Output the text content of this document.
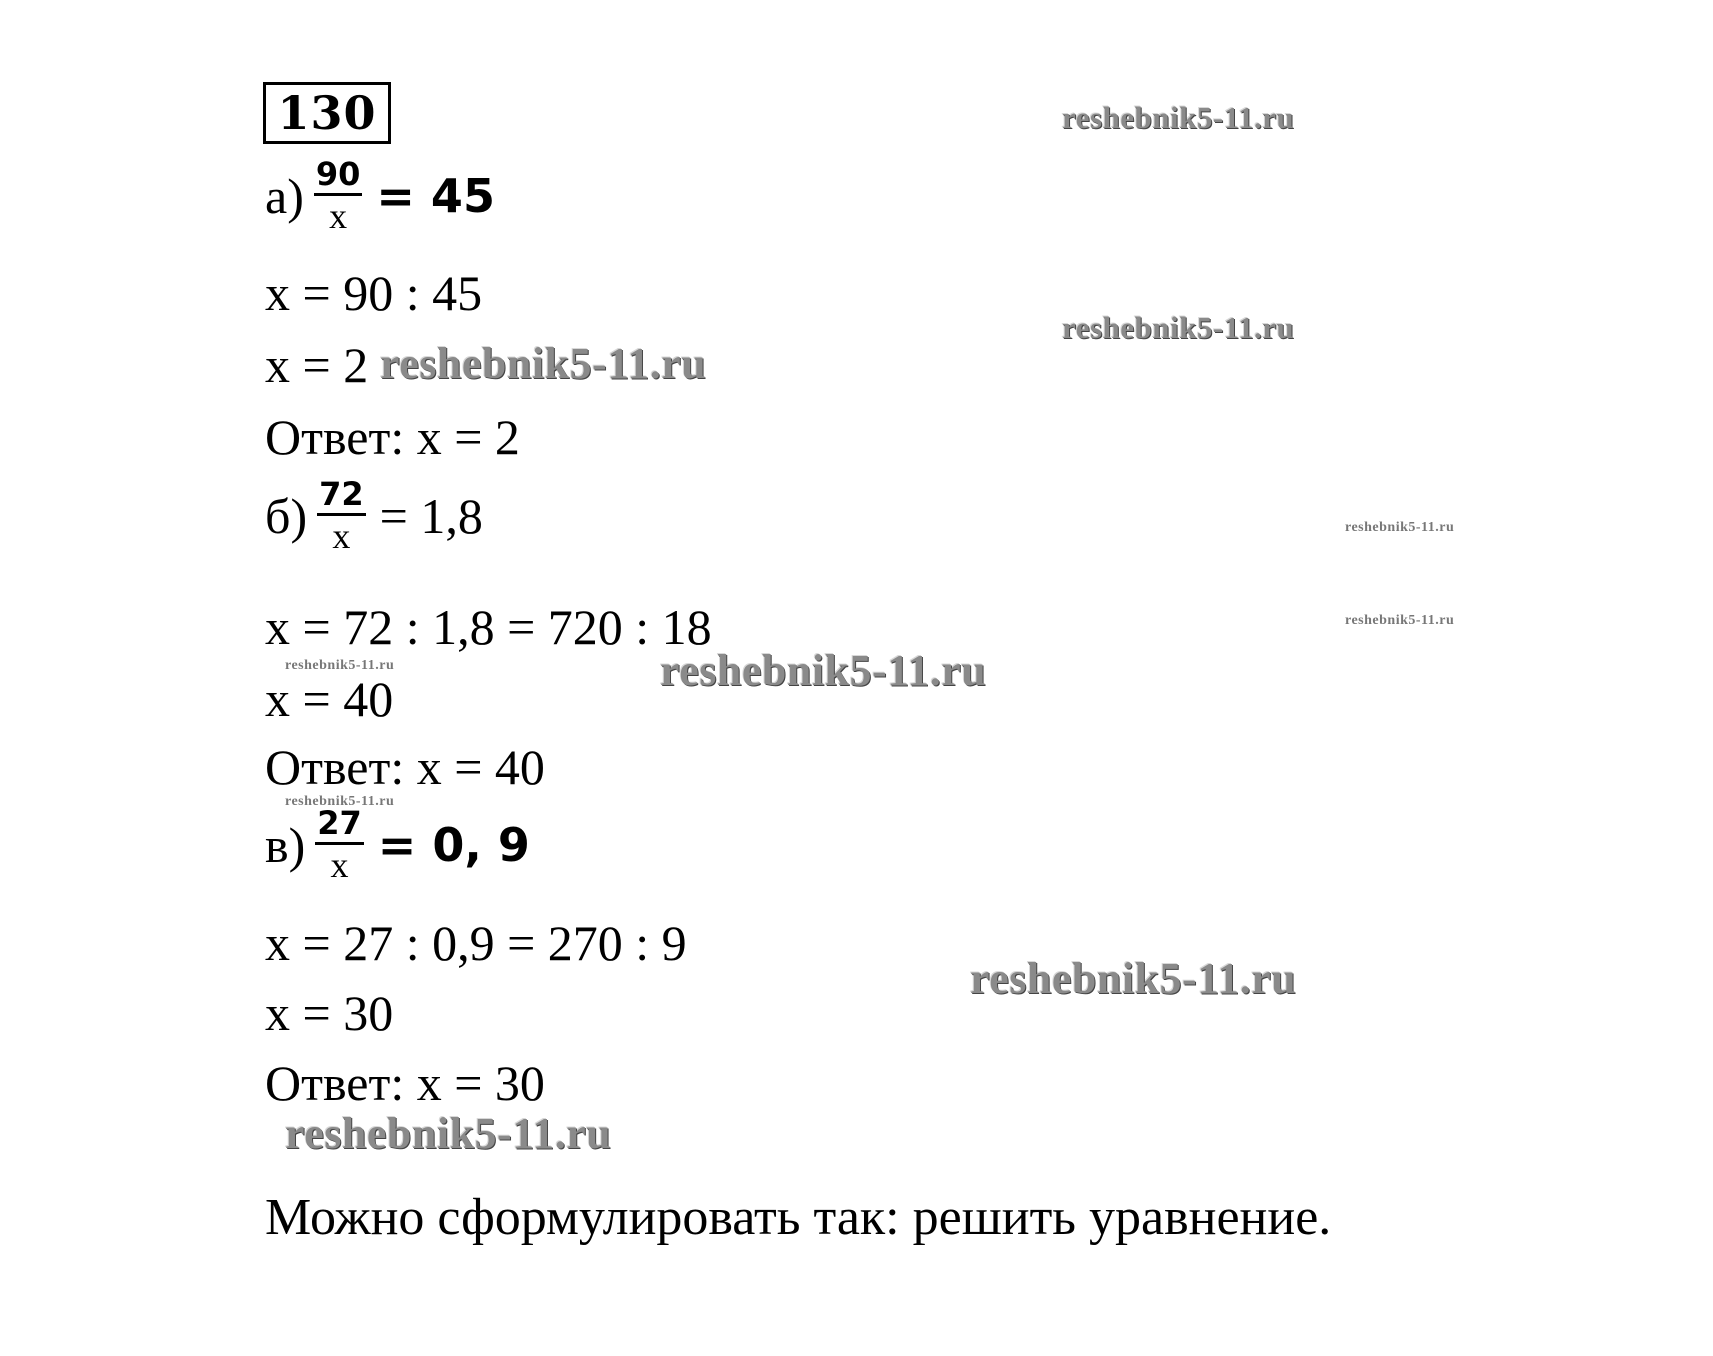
130
$а) \frac{90}{x} = 45$
x = 90 : 45
x = 2
Ответ: x = 2
$б) \frac{72}{x} = 1,8$
x = 72 : 1,8 = 720 : 18
x = 40
Ответ: x = 40
$в) \frac{27}{x} = 0$, 9
x = 27 : 0,9 = 270 : 9
x = 30
Ответ: x = 30
Можно сформулировать так: решить уравнение.
reshebnik5-11.ru
reshebnik5-11.ru
reshebnik5-11.ru
reshebnik5-11.ru
reshebnik5-11.ru
reshebnik5-11.ru	reshebnik5-11.ru
reshebnik5-11.ru
reshebnik5-11.ru
reshebnik5-11.ru
